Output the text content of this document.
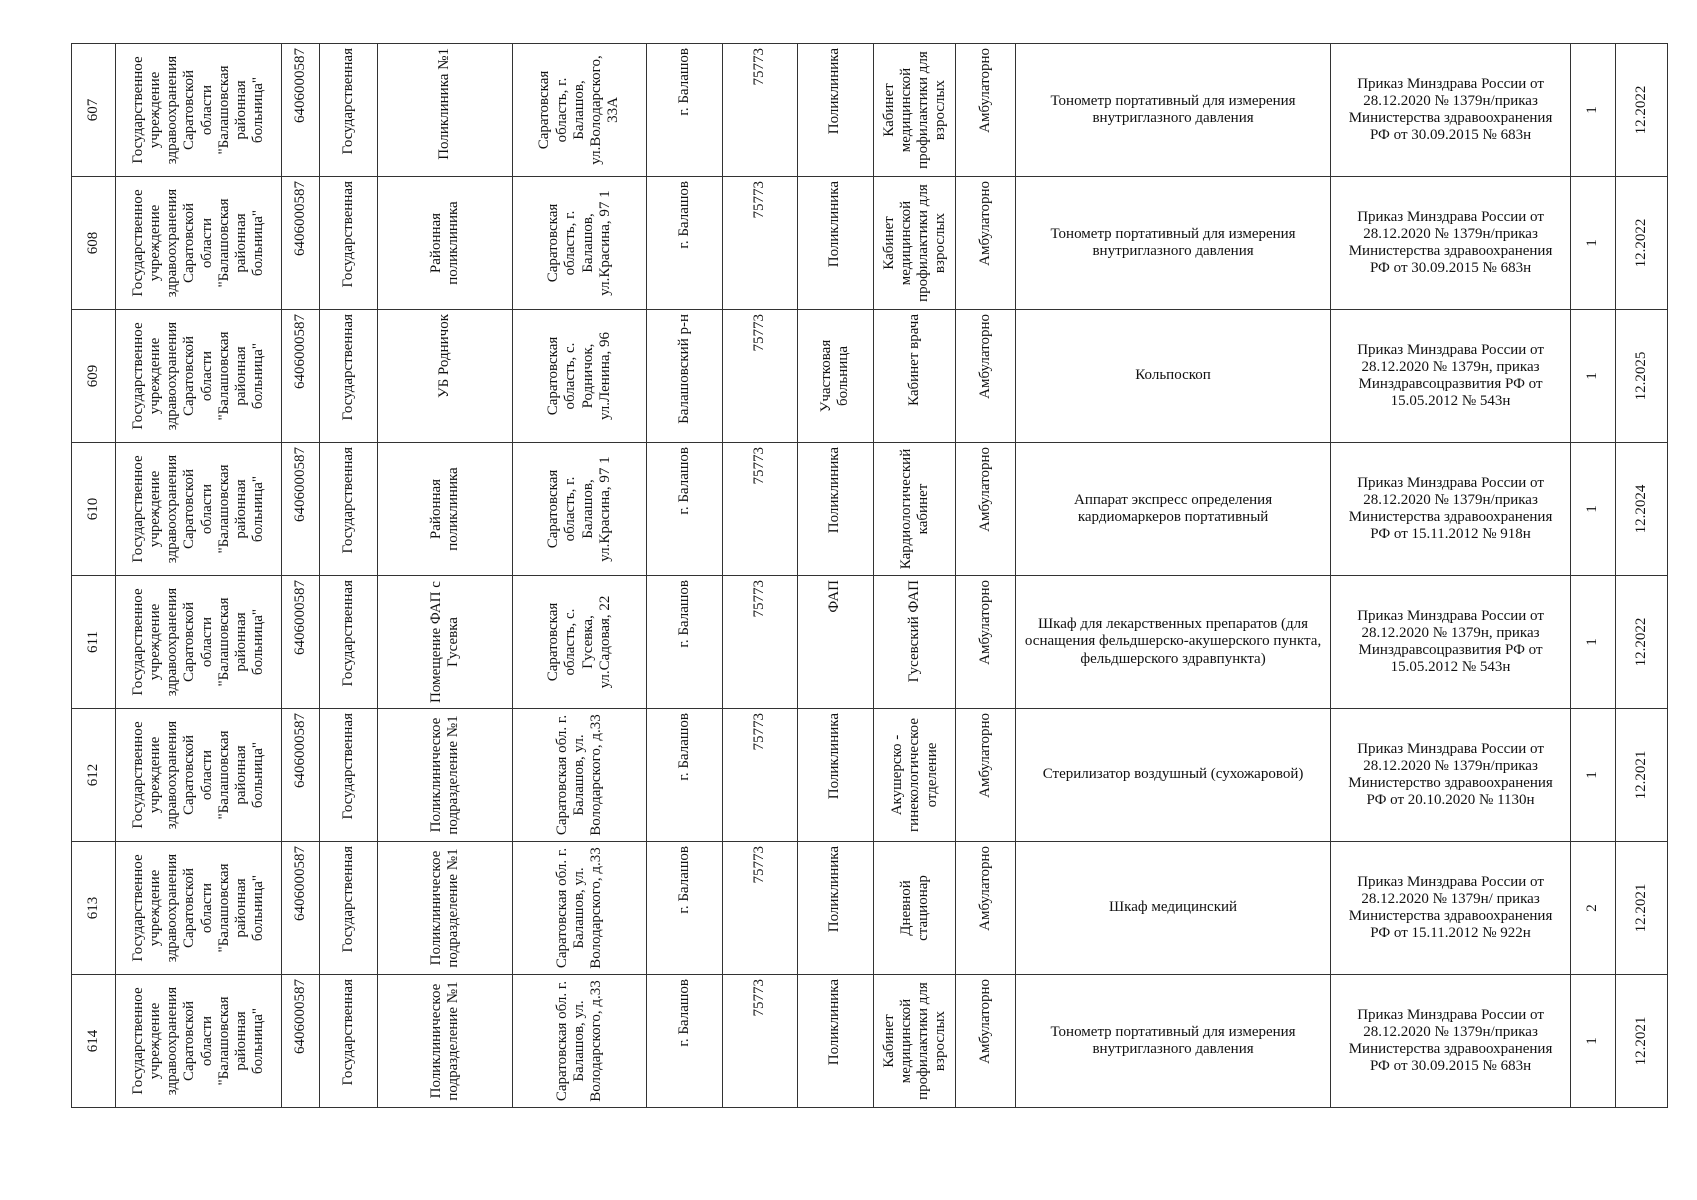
607	Государственное учреждение здравоохранения Саратовской области "Балашовская районная больница"	6406000587	Государственная	Поликлиника №1	Саратовская область, г. Балашов, ул.Володарского, 33А	г. Балашов	75773	Поликлиника	Кабинет медицинской профилактики для взрослых	Амбулаторно	Тонометр портативный для измерения внутриглазного давления	Приказ Минздрава России от 28.12.2020 № 1379н/приказ Министерства здравоохранения РФ от 30.09.2015 № 683н	1	12.2022

608	Государственное учреждение здравоохранения Саратовской области "Балашовская районная больница"	6406000587	Государственная	Районная поликлиника	Саратовская область, г. Балашов, ул.Красина, 97 1	г. Балашов	75773	Поликлиника	Кабинет медицинской профилактики для взрослых	Амбулаторно	Тонометр портативный для измерения внутриглазного давления	Приказ Минздрава России от 28.12.2020 № 1379н/приказ Министерства здравоохранения РФ от 30.09.2015 № 683н	1	12.2022

609	Государственное учреждение здравоохранения Саратовской области "Балашовская районная больница"	6406000587	Государственная	УБ Родничок	Саратовская область, с. Родничок, ул.Ленина, 96	Балашовский р-н	75773	Участковая больница	Кабинет врача	Амбулаторно	Кольпоскоп	Приказ Минздрава России от 28.12.2020 № 1379н, приказ Минздравсоцразвития РФ от 15.05.2012 № 543н	1	12.2025

610	Государственное учреждение здравоохранения Саратовской области "Балашовская районная больница"	6406000587	Государственная	Районная поликлиника	Саратовская область, г. Балашов, ул.Красина, 97 1	г. Балашов	75773	Поликлиника	Кардиологический кабинет	Амбулаторно	Аппарат экспресс определения кардиомаркеров портативный	Приказ Минздрава России от 28.12.2020 № 1379н/приказ Министерства здравоохранения РФ от 15.11.2012 № 918н	1	12.2024

611	Государственное учреждение здравоохранения Саратовской области "Балашовская районная больница"	6406000587	Государственная	Помещение ФАП с Гусевка	Саратовская область, с. Гусевка, ул.Садовая, 22	г. Балашов	75773	ФАП	Гусевский ФАП	Амбулаторно	Шкаф для лекарственных препаратов (для оснащения фельдшерско-акушерского пункта, фельдшерского здравпункта)	Приказ Минздрава России от 28.12.2020 № 1379н, приказ Минздравсоцразвития РФ от 15.05.2012 № 543н	1	12.2022

612	Государственное учреждение здравоохранения Саратовской области "Балашовская районная больница"	6406000587	Государственная	Поликлиническое подразделение №1	Саратовская обл. г. Балашов, ул. Володарского, д.33	г. Балашов	75773	Поликлиника	Акушерско - гинекологическое отделение	Амбулаторно	Стерилизатор воздушный (сухожаровой)	Приказ Минздрава России от 28.12.2020 № 1379н/приказ Министерство здравоохранения РФ от 20.10.2020 № 1130н	1	12.2021

613	Государственное учреждение здравоохранения Саратовской области "Балашовская районная больница"	6406000587	Государственная	Поликлиническое подразделение №1	Саратовская обл. г. Балашов, ул. Володарского, д.33	г. Балашов	75773	Поликлиника	Дневной стационар	Амбулаторно	Шкаф медицинский	Приказ Минздрава России от 28.12.2020 № 1379н/ приказ Министерства здравоохранения РФ от 15.11.2012 № 922н	2	12.2021

614	Государственное учреждение здравоохранения Саратовской области "Балашовская районная больница"	6406000587	Государственная	Поликлиническое подразделение №1	Саратовская обл. г. Балашов, ул. Володарского, д.33	г. Балашов	75773	Поликлиника	Кабинет медицинской профилактики для взрослых	Амбулаторно	Тонометр портативный для измерения внутриглазного давления	Приказ Минздрава России от 28.12.2020 № 1379н/приказ Министерства здравоохранения РФ от 30.09.2015 № 683н	1	12.2021
